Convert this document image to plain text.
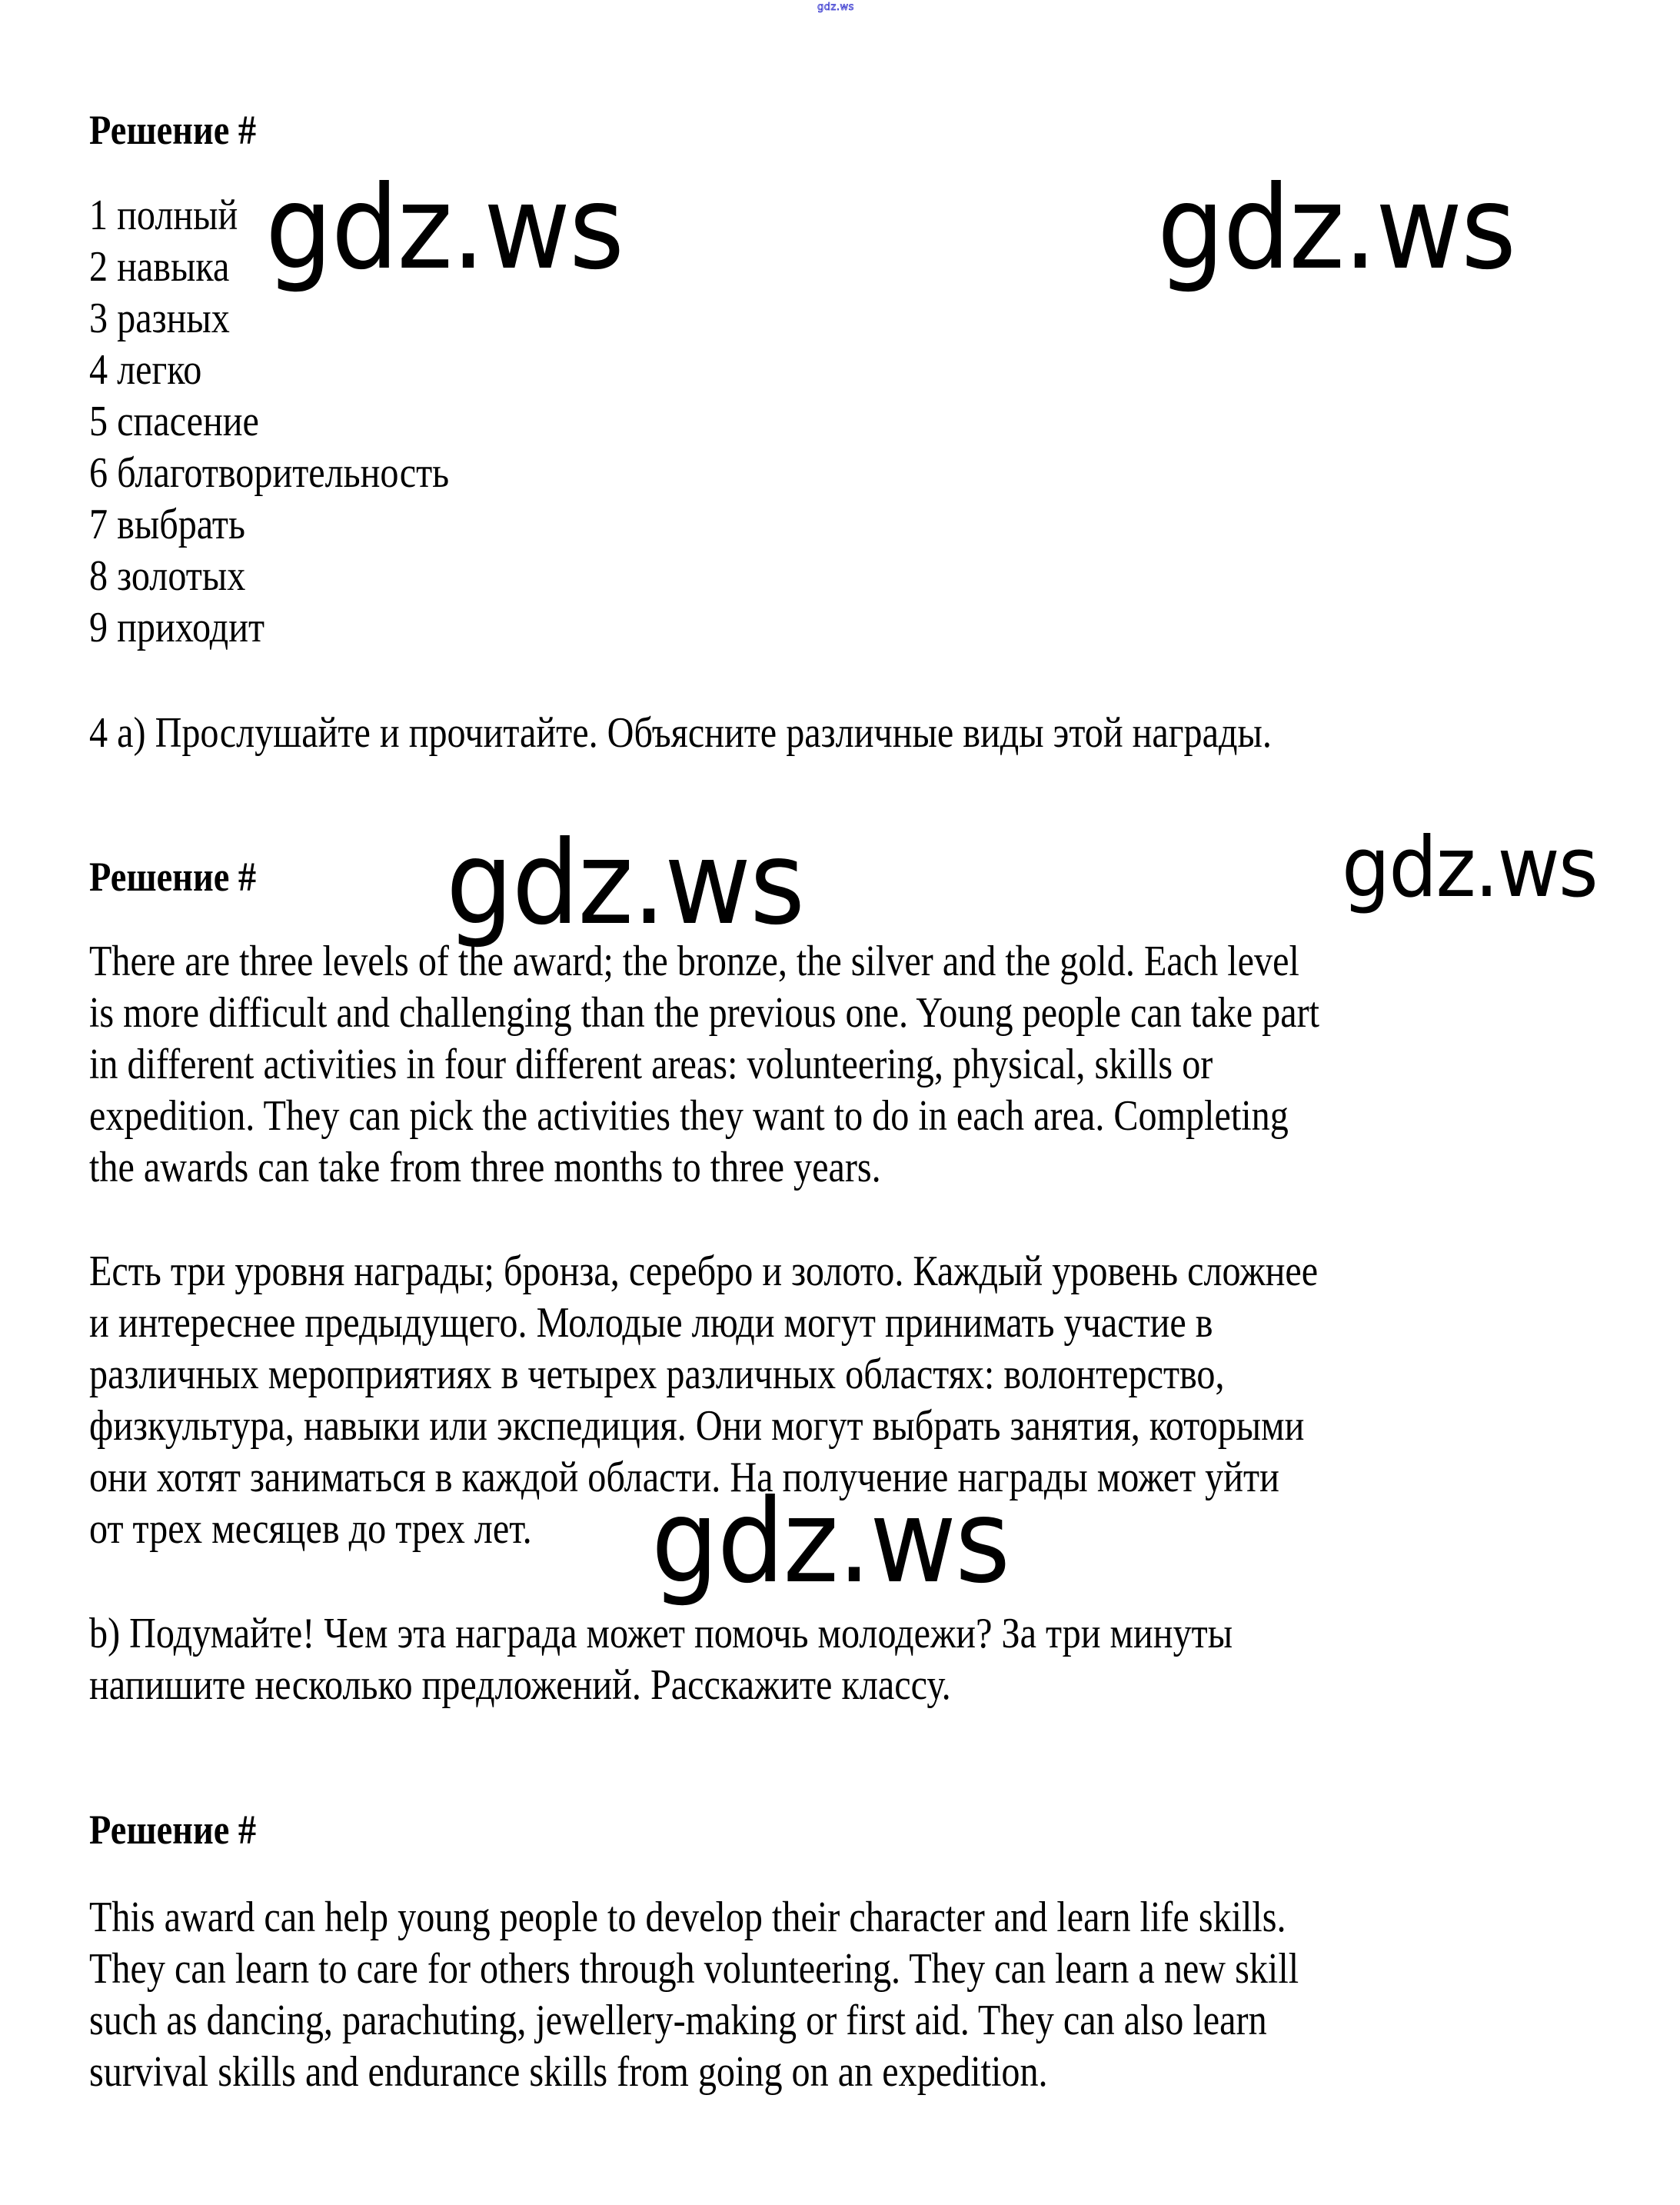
gdz.ws
Решение #
1 полный
2 навыка
3 разных
4 легко
5 спасение
6 благотворительность
7 выбрать
8 золотых
9 приходит
gdz.ws	gdz.ws
4 а) Прослушайте и прочитайте. Объясните различные виды этой награды.
Решение # gdz.ws	gdz.ws
There are three levels of the award; the bronze, the silver and the gold. Each level
is more difficult and challenging than the previous one. Young people can take part
in different activities in four different areas: volunteering, physical, skills or
expedition. They can pick the activities they want to do in each area. Completing
the awards can take from three months to three years.
Есть три уровня награды; бронза, серебро и золото. Каждый уровень сложнее
и интереснее предыдущего. Молодые люди могут принимать участие в
различных мероприятиях в четырех различных областях: волонтерство,
физкультура, навыки или экспедиция. Они могут выбрать занятия, которыми
они хотят заниматься в каждой области. На получение награды может уйти
от трех месяцев до трех лет. gdz.ws
b) Подумайте! Чем эта награда может помочь молодежи? За три минуты
напишите несколько предложений. Расскажите классу.
Решение #
This award can help young people to develop their character and learn life skills.
They can learn to care for others through volunteering. They can learn a new skill
such as dancing, parachuting, jewellery-making or first aid. They can also learn
survival skills and endurance skills from going on an expedition.
